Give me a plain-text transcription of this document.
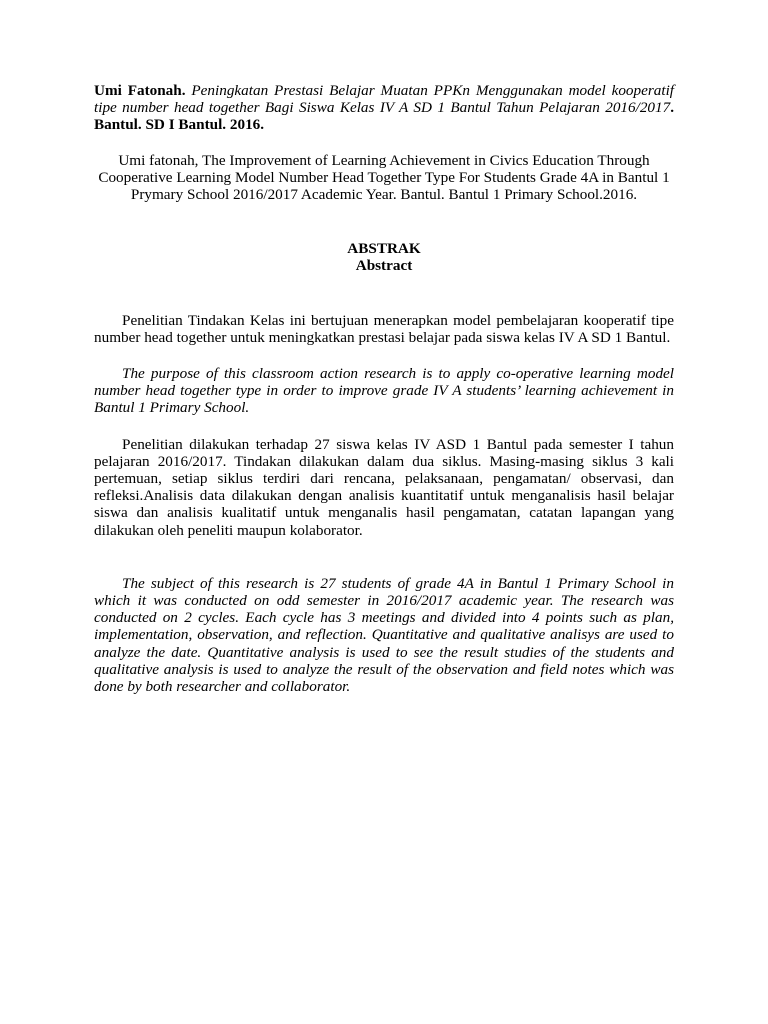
Umi Fatonah. Peningkatan Prestasi Belajar Muatan PPKn Menggunakan model kooperatif tipe number head together Bagi Siswa Kelas IV A SD 1 Bantul Tahun Pelajaran 2016/2017. Bantul. SD I Bantul. 2016.

Umi fatonah, The Improvement of Learning Achievement in Civics Education Through Cooperative Learning Model Number Head Together Type For Students Grade 4A in Bantul 1 Prymary School 2016/2017 Academic Year. Bantul. Bantul 1 Primary School.2016.

ABSTRAK
Abstract

Penelitian Tindakan Kelas ini bertujuan menerapkan model pembelajaran kooperatif tipe number head together untuk meningkatkan prestasi belajar pada siswa kelas IV A SD 1 Bantul.

The purpose of this classroom action research is to apply co-operative learning model number head together type in order to improve grade IV A students’ learning achievement in Bantul 1 Primary School.

Penelitian dilakukan terhadap 27 siswa kelas IV ASD 1 Bantul pada semester I tahun pelajaran 2016/2017. Tindakan dilakukan dalam dua siklus. Masing-masing siklus 3 kali pertemuan, setiap siklus terdiri dari rencana, pelaksanaan, pengamatan/ observasi, dan refleksi.Analisis data dilakukan dengan analisis kuantitatif untuk menganalisis hasil belajar siswa dan analisis kualitatif untuk menganalis hasil pengamatan, catatan lapangan yang dilakukan oleh peneliti maupun kolaborator.

The subject of this research is 27 students of grade 4A in Bantul 1 Primary School in which it was conducted on odd semester in 2016/2017 academic year. The research was conducted on 2 cycles. Each cycle has 3 meetings and divided into 4 points such as plan, implementation, observation, and reflection. Quantitative and qualitative analisys are used to analyze the date. Quantitative analysis is used to see the result studies of the students and qualitative analysis is used to analyze the result of the observation and field notes which was done by both researcher and collaborator.
